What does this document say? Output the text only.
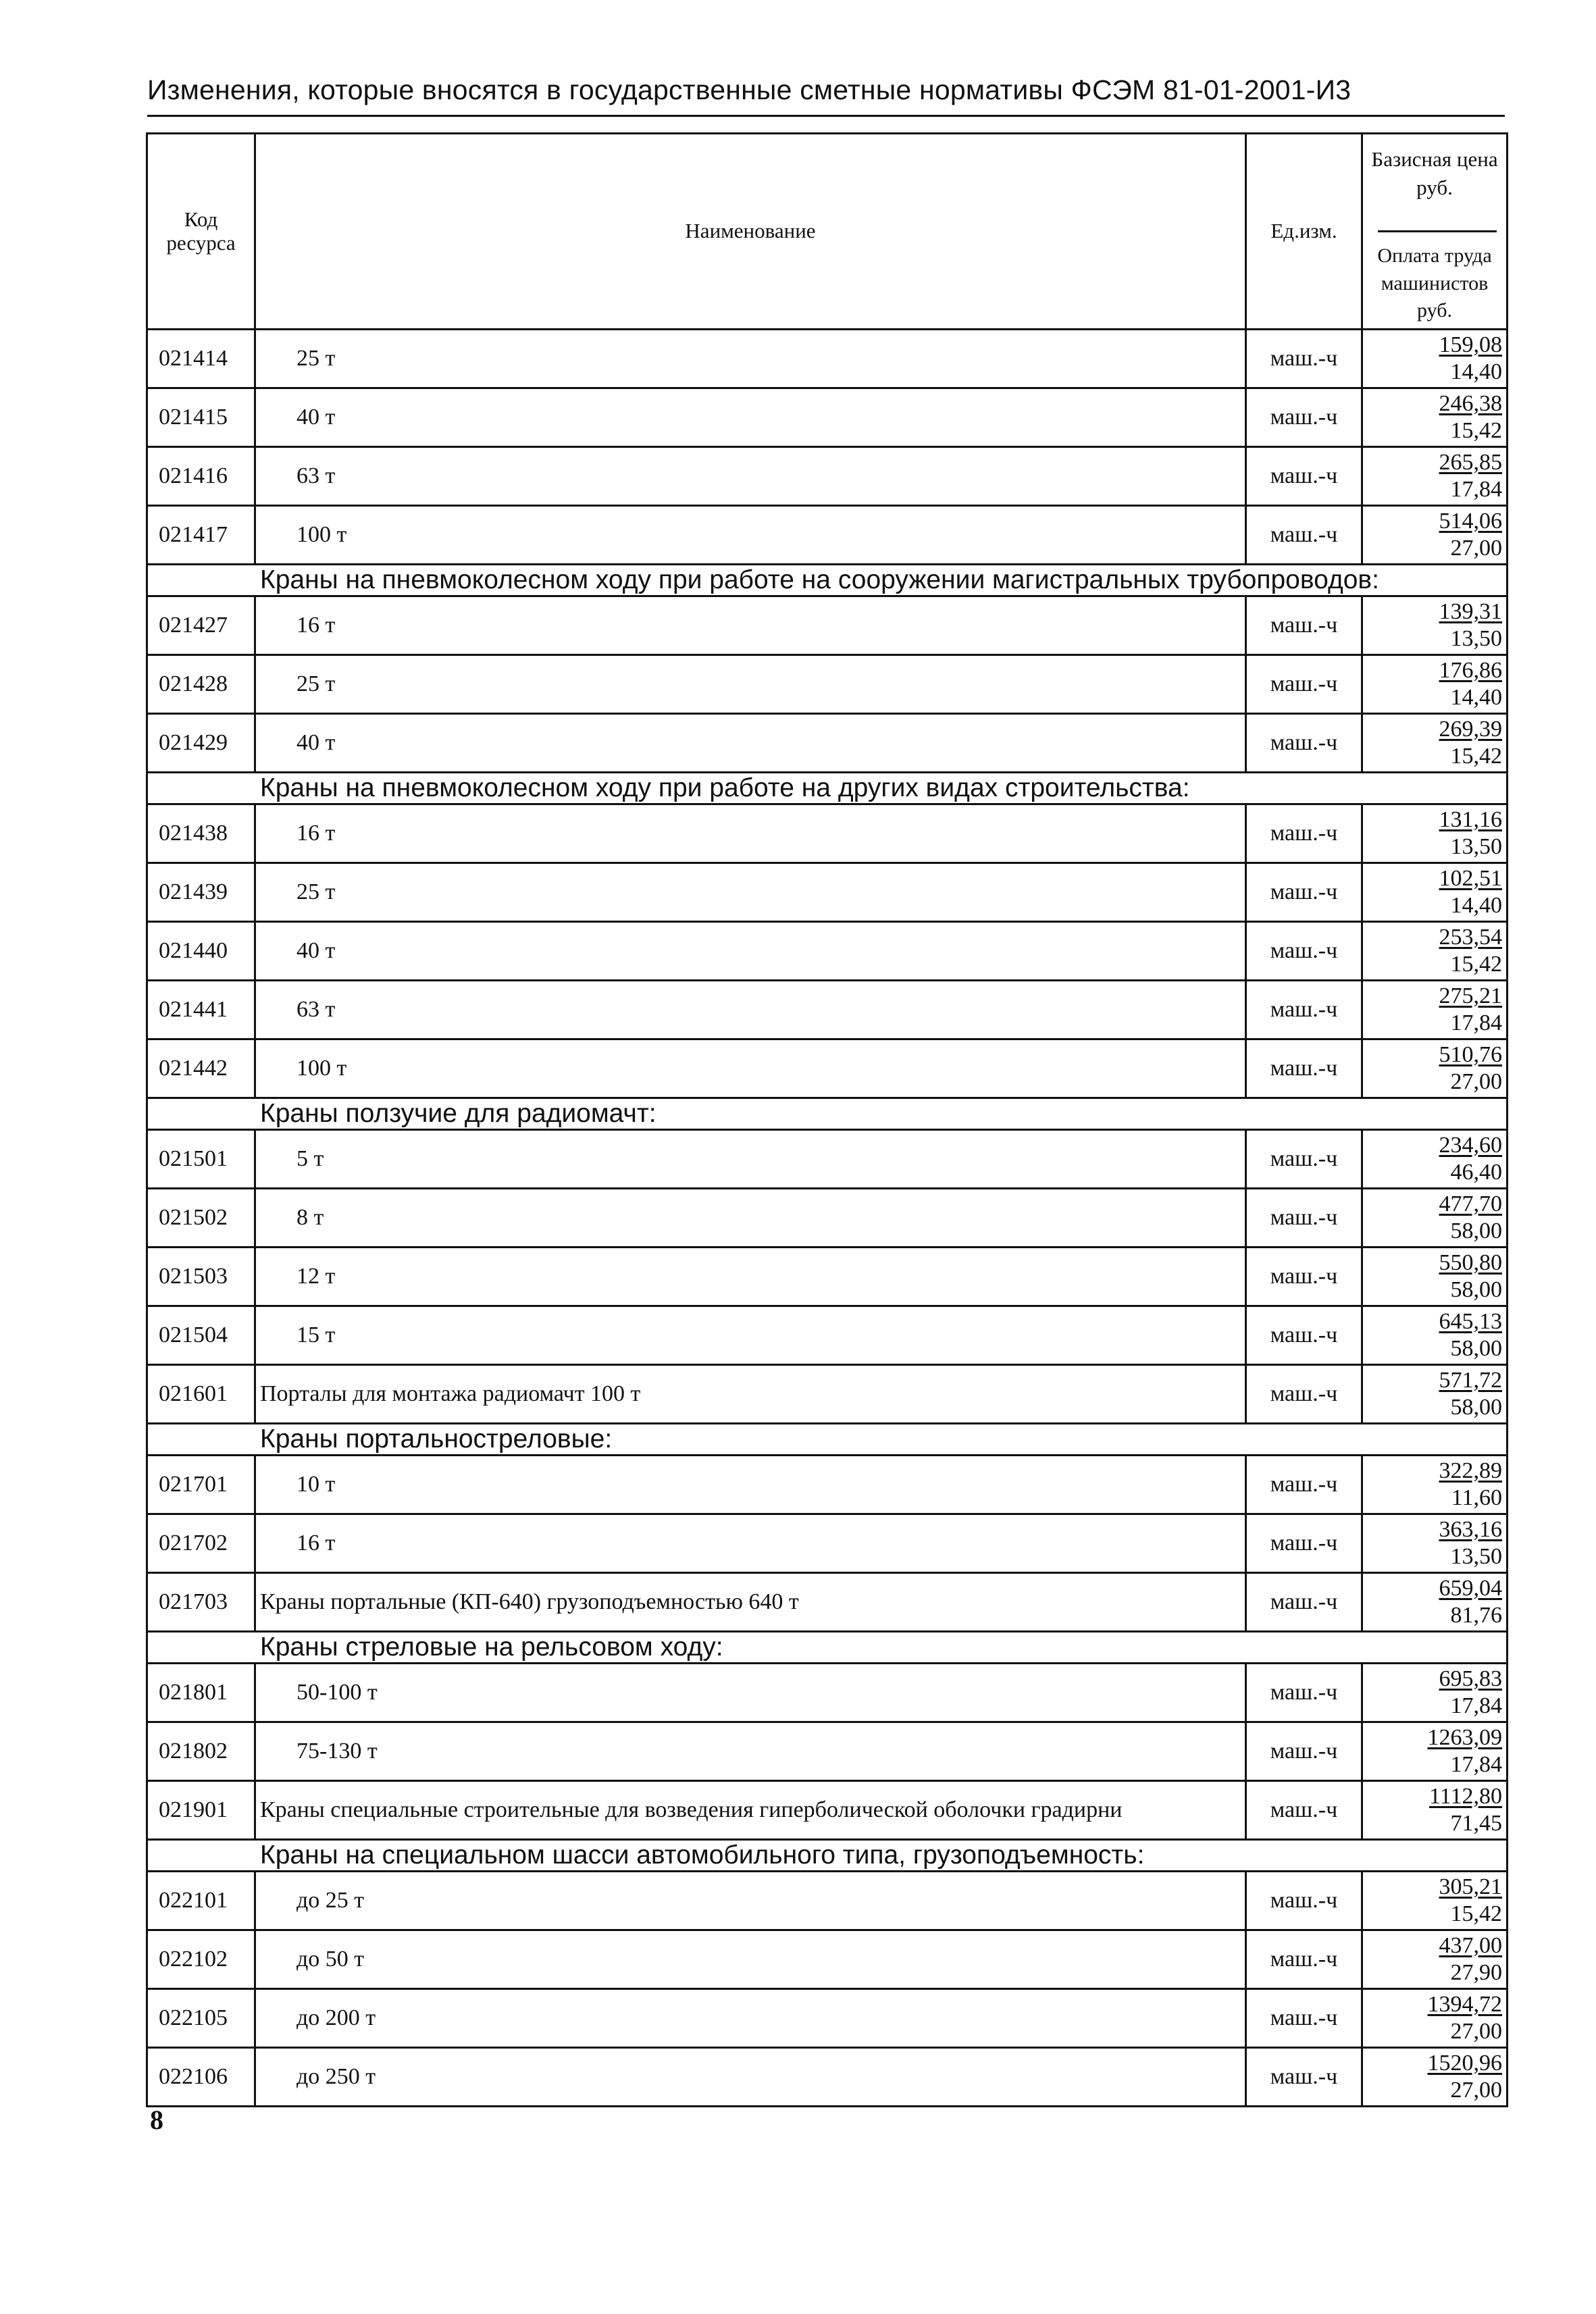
Изменения, которые вносятся в государственные сметные нормативы ФСЭМ 81-01-2001-И3
Код ресурса	Наименование	Ед.изм.	Базисная цена руб.
Оплата труда машинистов руб.

021414	25 т	маш.-ч	$\frac{159,08}{14,40}$

021415	40 т	маш.-ч	$\frac{246,38}{15,42}$

021416	63 т	маш.-ч	$\frac{265,85}{17,84}$

021417	100 т	маш.-ч	$\frac{514,06}{27,00}$

Краны на пневмоколесном ходу при работе на сооружении магистральных трубопроводов:			
021427	16 т	маш.-ч	$\frac{139,31}{13,50}$

021428	25 т	маш.-ч	$\frac{176,86}{14,40}$

021429	40 т	маш.-ч	$\frac{269,39}{15,42}$

Краны на пневмоколесном ходу при работе на других видах строительства:			
021438	16 т	маш.-ч	$\frac{131,16}{13,50}$

021439	25 т	маш.-ч	$\frac{102,51}{14,40}$

021440	40 т	маш.-ч	$\frac{253,54}{15,42}$

021441	63 т	маш.-ч	$\frac{275,21}{17,84}$

021442	100 т	маш.-ч	$\frac{510,76}{27,00}$

Краны ползучие для радиомачт:			
021501	5 т	маш.-ч	$\frac{234,60}{46,40}$

021502	8 т	маш.-ч	$\frac{477,70}{58,00}$

021503	12 т	маш.-ч	$\frac{550,80}{58,00}$

021504	15 т	маш.-ч	$\frac{645,13}{58,00}$

021601	Порталы для монтажа радиомачт 100 т	маш.-ч	$\frac{571,72}{58,00}$

Краны портальностреловые:			
021701	10 т	маш.-ч	$\frac{322,89}{11,60}$

021702	16 т	маш.-ч	$\frac{363,16}{13,50}$

021703	Краны портальные (КП-640) грузоподъемностью 640 т	маш.-ч	$\frac{659,04}{81,76}$

Краны стреловые на рельсовом ходу:			
021801	50-100 т	маш.-ч	$\frac{695,83}{17,84}$

021802	75-130 т	маш.-ч	$\frac{1263,09}{17,84}$

021901	Краны специальные строительные для возведения гиперболической оболочки градирни	маш.-ч	$\frac{1112,80}{71,45}$

Краны на специальном шасси автомобильного типа, грузоподъемность:			
022101	до 25 т	маш.-ч	$\frac{305,21}{15,42}$

022102	до 50 т	маш.-ч	$\frac{437,00}{27,90}$

022105	до 200 т	маш.-ч	$\frac{1394,72}{27,00}$

022106	до 250 т	маш.-ч	$\frac{1520,96}{27,00}$
8
